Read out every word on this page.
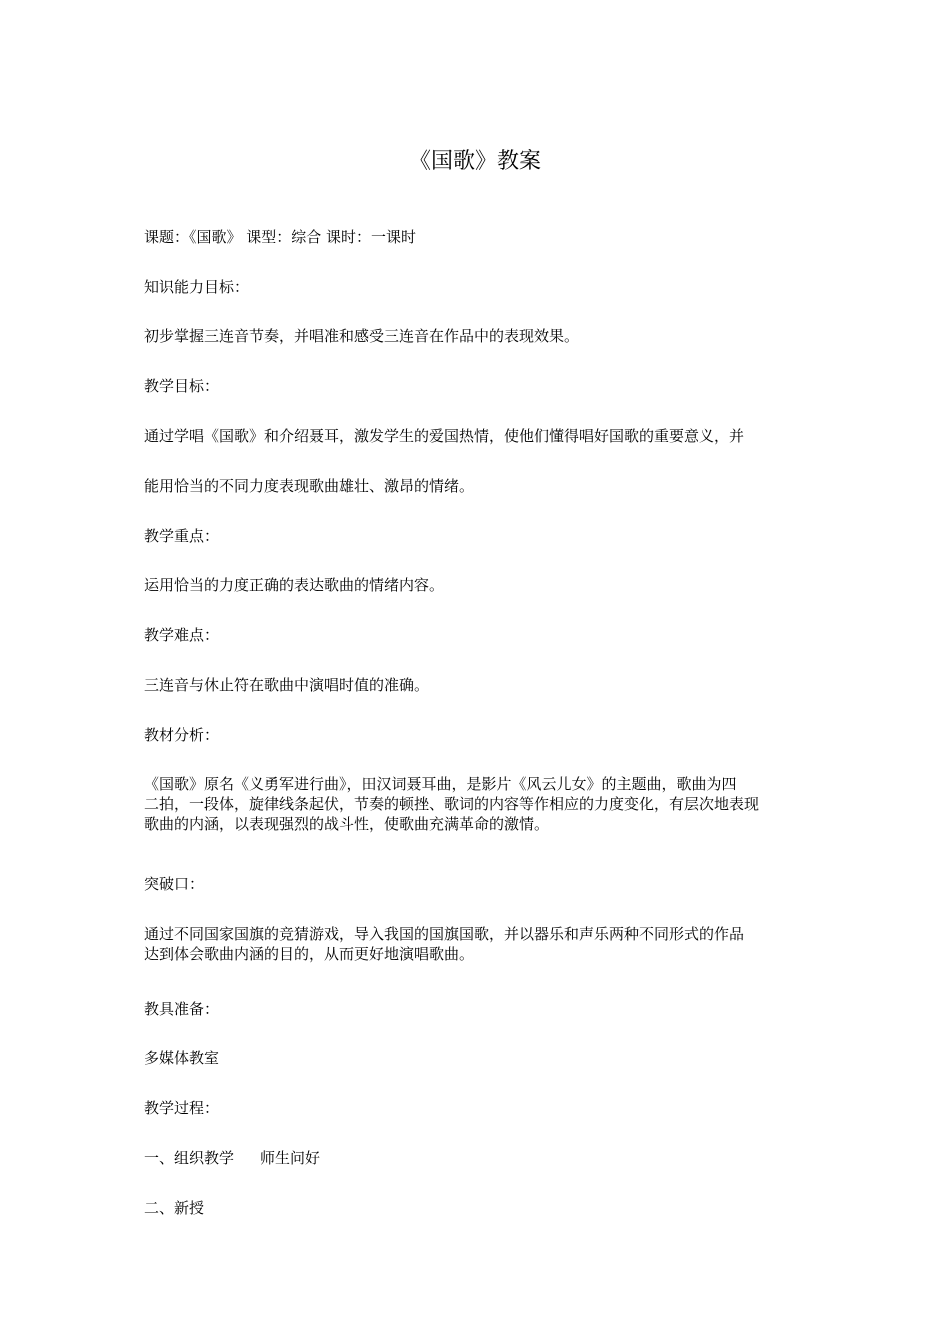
《国歌》教案

课题：《国歌》 课型：综合 课时：一课时

知识能力目标：

初步掌握三连音节奏，并唱准和感受三连音在作品中的表现效果。

教学目标：

通过学唱《国歌》和介绍聂耳，激发学生的爱国热情，使他们懂得唱好国歌的重要意义，并

能用恰当的不同力度表现歌曲雄壮、激昂的情绪。

教学重点：

运用恰当的力度正确的表达歌曲的情绪内容。

教学难点：

三连音与休止符在歌曲中演唱时值的准确。

教材分析：

《国歌》原名《义勇军进行曲》，田汉词聂耳曲，是影片《风云儿女》的主题曲，歌曲为四
二拍，一段体，旋律线条起伏，节奏的顿挫、歌词的内容等作相应的力度变化，有层次地表现
歌曲的内涵，以表现强烈的战斗性，使歌曲充满革命的激情。

突破口：

通过不同国家国旗的竞猜游戏，导入我国的国旗国歌，并以器乐和声乐两种不同形式的作品
达到体会歌曲内涵的目的，从而更好地演唱歌曲。

教具准备：

多媒体教室

教学过程：

一、组织教学 师生问好

二、新授
